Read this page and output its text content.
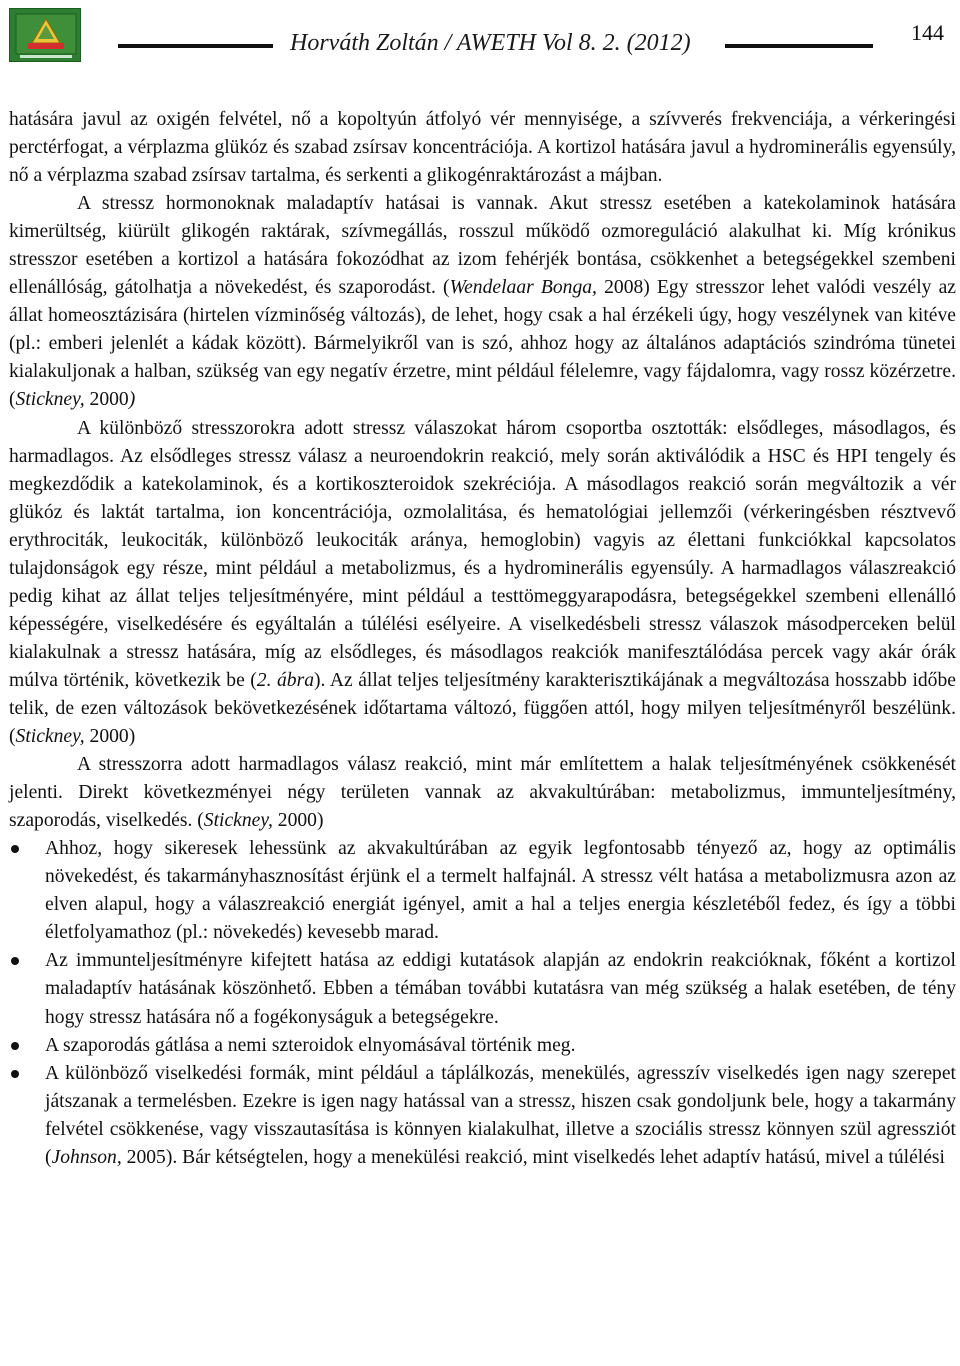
Horváth Zoltán / AWETH Vol 8. 2. (2012)	144

hatására javul az oxigén felvétel, nő a kopoltyún átfolyó vér mennyisége, a szívverés frekvenciája, a vérkeringési perctérfogat, a vérplazma glükóz és szabad zsírsav koncentrációja. A kortizol hatására javul a hydrominerális egyensúly, nő a vérplazma szabad zsírsav tartalma, és serkenti a glikogénraktározást a májban.

A stressz hormonoknak maladaptív hatásai is vannak. Akut stressz esetében a katekolaminok hatására kimerültség, kiürült glikogén raktárak, szívmegállás, rosszul működő ozmoreguláció alakulhat ki. Míg krónikus stresszor esetében a kortizol a hatására fokozódhat az izom fehérjék bontása, csökkenhet a betegségekkel szembeni ellenállóság, gátolhatja a növekedést, és szaporodást. (Wendelaar Bonga, 2008) Egy stresszor lehet valódi veszély az állat homeosztázisára (hirtelen vízminőség változás), de lehet, hogy csak a hal érzékeli úgy, hogy veszélynek van kitéve (pl.: emberi jelenlét a kádak között). Bármelyikről van is szó, ahhoz hogy az általános adaptációs szindróma tünetei kialakuljonak a halban, szükség van egy negatív érzetre, mint például félelemre, vagy fájdalomra, vagy rossz közérzetre. (Stickney, 2000)

A különböző stresszorokra adott stressz válaszokat három csoportba osztották: elsődleges, másodlagos, és harmadlagos. Az elsődleges stressz válasz a neuroendokrin reakció, mely során aktiválódik a HSC és HPI tengely és megkezdődik a katekolaminok, és a kortikoszteroidok szekréciója. A másodlagos reakció során megváltozik a vér glükóz és laktát tartalma, ion koncentrációja, ozmolalitása, és hematológiai jellemzői (vérkeringésben résztvevő erythrociták, leukociták, különböző leukociták aránya, hemoglobin) vagyis az élettani funkciókkal kapcsolatos tulajdonságok egy része, mint például a metabolizmus, és a hydrominerális egyensúly. A harmadlagos válaszreakció pedig kihat az állat teljes teljesítményére, mint például a testtömeggyarapodásra, betegségekkel szembeni ellenálló képességére, viselkedésére és egyáltalán a túlélési esélyeire. A viselkedésbeli stressz válaszok másodperceken belül kialakulnak a stressz hatására, míg az elsődleges, és másodlagos reakciók manifesztálódása percek vagy akár órák múlva történik, következik be (2. ábra). Az állat teljes teljesítmény karakterisztikájának a megváltozása hosszabb időbe telik, de ezen változások bekövetkezésének időtartama változó, függően attól, hogy milyen teljesítményről beszélünk. (Stickney, 2000)

A stresszorra adott harmadlagos válasz reakció, mint már említettem a halak teljesítményének csökkenését jelenti. Direkt következményei négy területen vannak az akvakultúrában: metabolizmus, immunteljesítmény, szaporodás, viselkedés. (Stickney, 2000)

Ahhoz, hogy sikeresek lehessünk az akvakultúrában az egyik legfontosabb tényező az, hogy az optimális növekedést, és takarmányhasznosítást érjünk el a termelt halfajnál. A stressz vélt hatása a metabolizmusra azon az elven alapul, hogy a válaszreakció energiát igényel, amit a hal a teljes energia készletéből fedez, és így a többi életfolyamathoz (pl.: növekedés) kevesebb marad.
Az immunteljesítményre kifejtett hatása az eddigi kutatások alapján az endokrin reakcióknak, főként a kortizol maladaptív hatásának köszönhető. Ebben a témában további kutatásra van még szükség a halak esetében, de tény hogy stressz hatására nő a fogékonyságuk a betegségekre.
A szaporodás gátlása a nemi szteroidok elnyomásával történik meg.
A különböző viselkedési formák, mint például a táplálkozás, menekülés, agresszív viselkedés igen nagy szerepet játszanak a termelésben. Ezekre is igen nagy hatással van a stressz, hiszen csak gondoljunk bele, hogy a takarmány felvétel csökkenése, vagy visszautasítása is könnyen kialakulhat, illetve a szociális stressz könnyen szül agressziót (Johnson, 2005). Bár kétségtelen, hogy a menekülési reakció, mint viselkedés lehet adaptív hatású, mivel a túlélési
